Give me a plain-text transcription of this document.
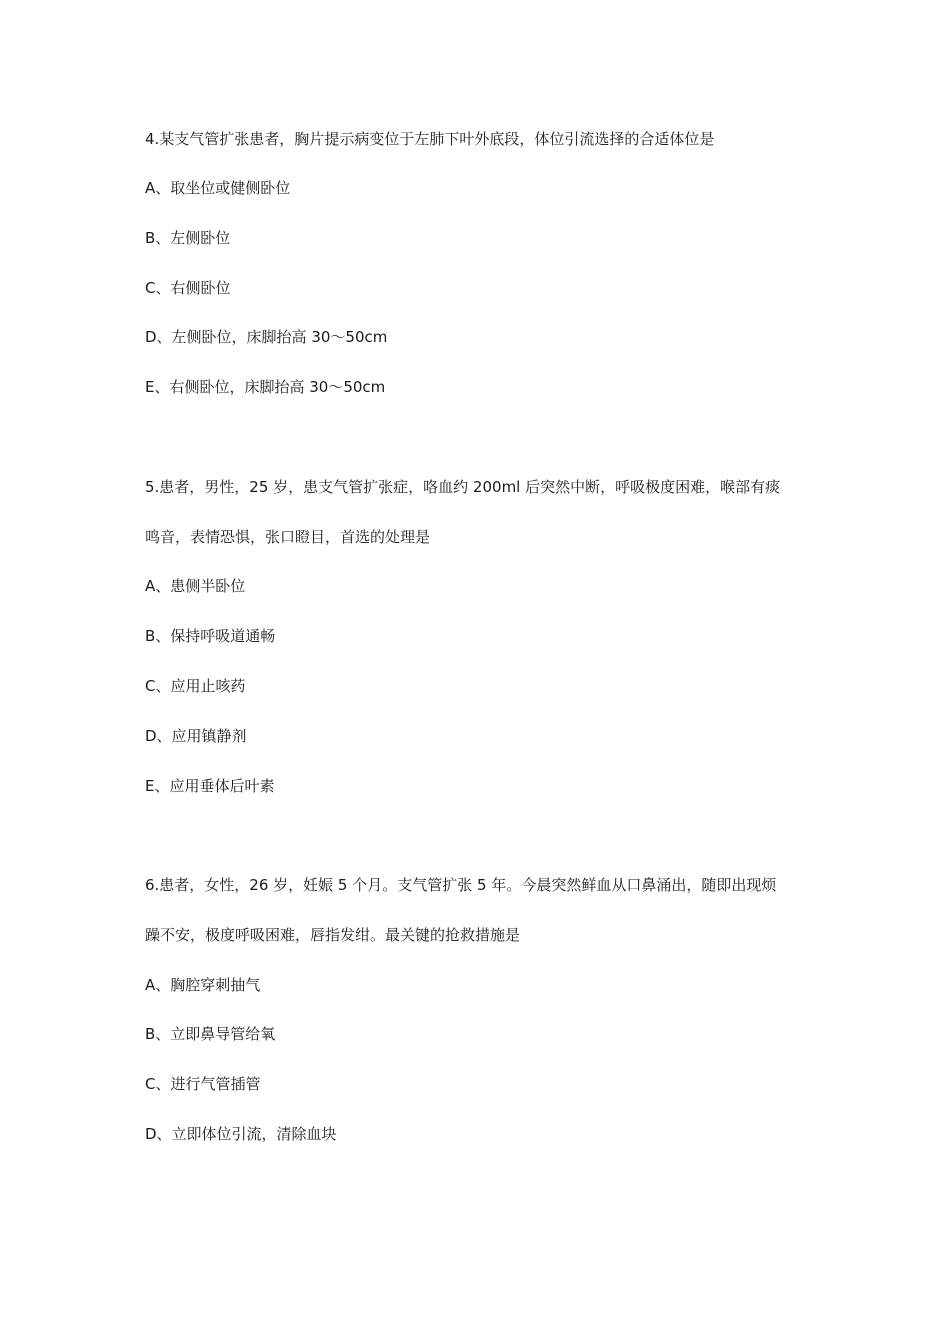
4.某支气管扩张患者，胸片提示病变位于左肺下叶外底段，体位引流选择的合适体位是
A、取坐位或健侧卧位
B、左侧卧位
C、右侧卧位
D、左侧卧位，床脚抬高 30～50cm
E、右侧卧位，床脚抬高 30～50cm
5.患者，男性，25 岁，患支气管扩张症，咯血约 200ml 后突然中断，呼吸极度困难，喉部有痰
鸣音，表情恐惧，张口瞪目，首选的处理是
A、患侧半卧位
B、保持呼吸道通畅
C、应用止咳药
D、应用镇静剂
E、应用垂体后叶素
6.患者，女性，26 岁，妊娠 5 个月。支气管扩张 5 年。今晨突然鲜血从口鼻涌出，随即出现烦
躁不安，极度呼吸困难，唇指发绀。最关键的抢救措施是
A、胸腔穿刺抽气
B、立即鼻导管给氧
C、进行气管插管
D、立即体位引流，清除血块
